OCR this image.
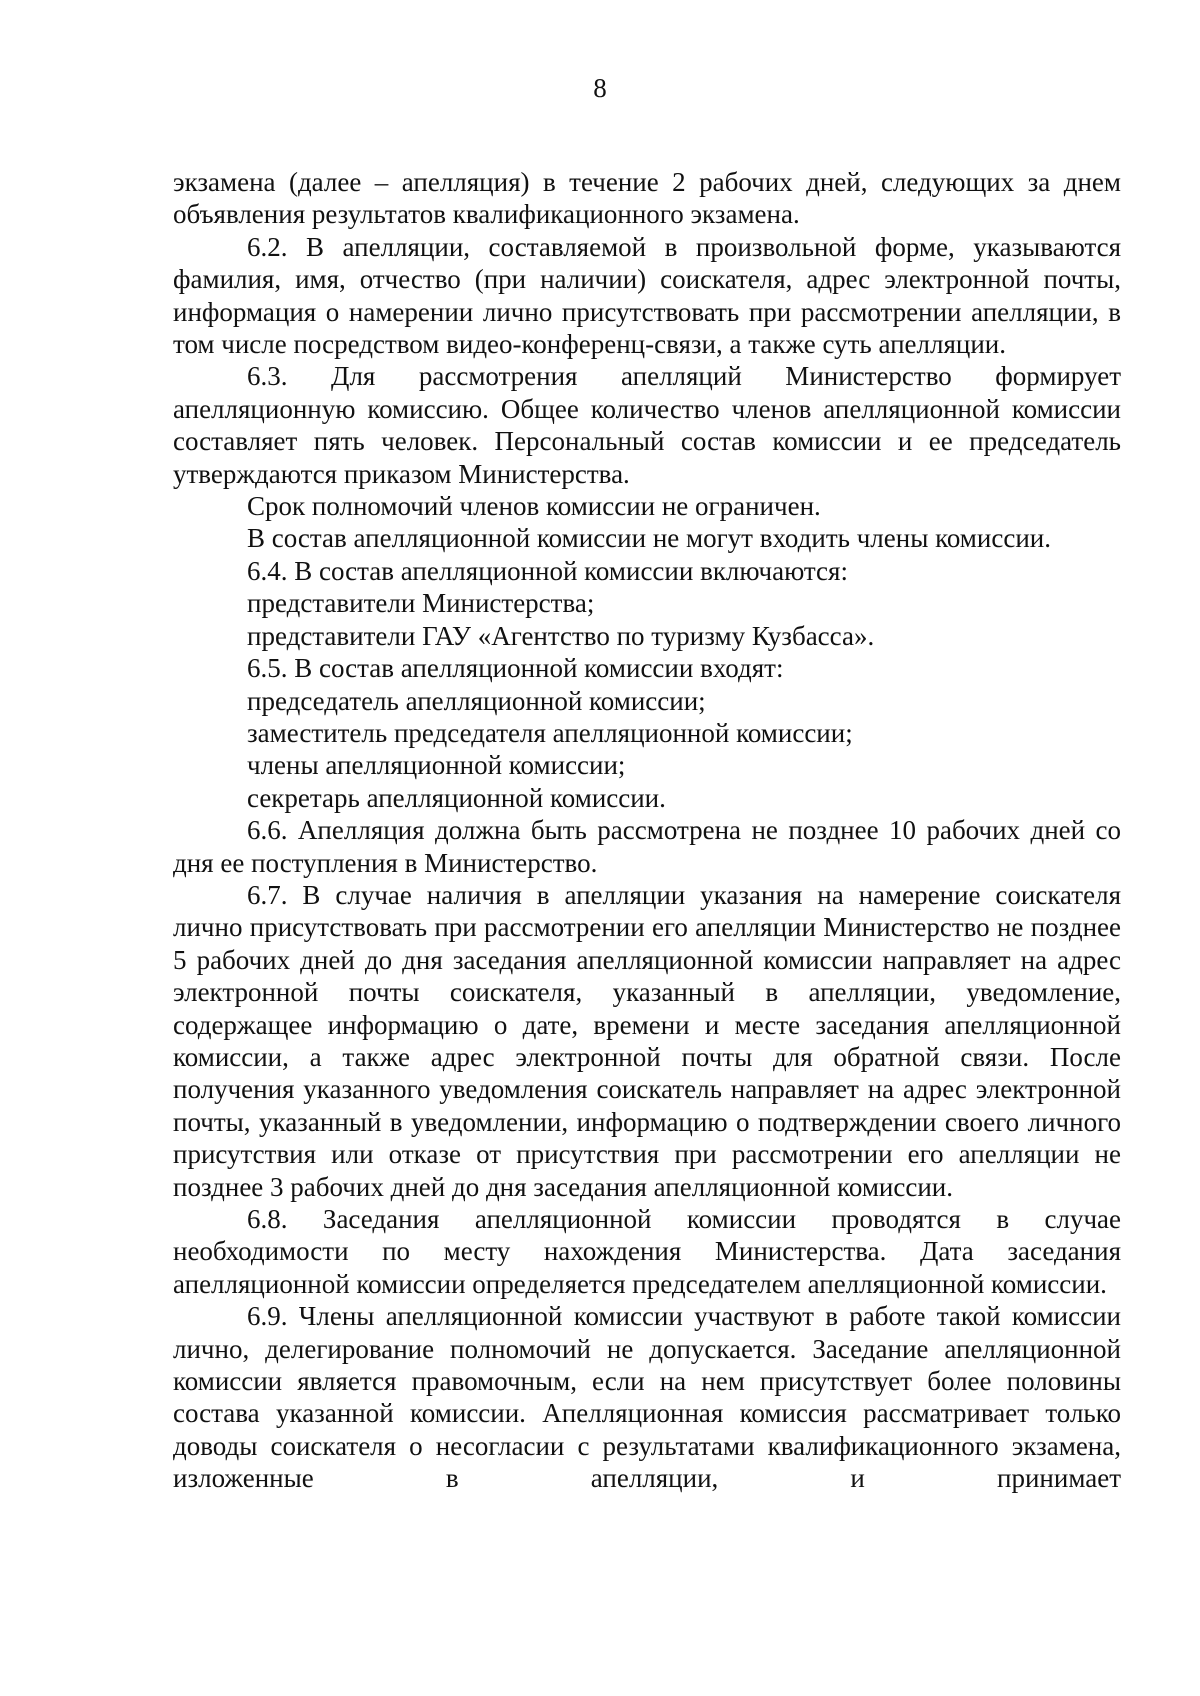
8

экзамена (далее – апелляция) в течение 2 рабочих дней, следующих за днем объявления результатов квалификационного экзамена.

6.2. В апелляции, составляемой в произвольной форме, указываются фамилия, имя, отчество (при наличии) соискателя, адрес электронной почты, информация о намерении лично присутствовать при рассмотрении апелляции, в том числе посредством видео-конференц-связи, а также суть апелляции.

6.3. Для рассмотрения апелляций Министерство формирует апелляционную комиссию. Общее количество членов апелляционной комиссии составляет пять человек. Персональный состав комиссии и ее председатель утверждаются приказом Министерства.

Срок полномочий членов комиссии не ограничен.

В состав апелляционной комиссии не могут входить члены комиссии.

6.4. В состав апелляционной комиссии включаются:

представители Министерства;

представители ГАУ «Агентство по туризму Кузбасса».

6.5. В состав апелляционной комиссии входят:

председатель апелляционной комиссии;

заместитель председателя апелляционной комиссии;

члены апелляционной комиссии;

секретарь апелляционной комиссии.

6.6. Апелляция должна быть рассмотрена не позднее 10 рабочих дней со дня ее поступления в Министерство.

6.7. В случае наличия в апелляции указания на намерение соискателя лично присутствовать при рассмотрении его апелляции Министерство не позднее 5 рабочих дней до дня заседания апелляционной комиссии направляет на адрес электронной почты соискателя, указанный в апелляции, уведомление, содержащее информацию о дате, времени и месте заседания апелляционной комиссии, а также адрес электронной почты для обратной связи. После получения указанного уведомления соискатель направляет на адрес электронной почты, указанный в уведомлении, информацию о подтверждении своего личного присутствия или отказе от присутствия при рассмотрении его апелляции не позднее 3 рабочих дней до дня заседания апелляционной комиссии.

6.8. Заседания апелляционной комиссии проводятся в случае необходимости по месту нахождения Министерства. Дата заседания апелляционной комиссии определяется председателем апелляционной комиссии.

6.9. Члены апелляционной комиссии участвуют в работе такой комиссии лично, делегирование полномочий не допускается. Заседание апелляционной комиссии является правомочным, если на нем присутствует более половины состава указанной комиссии. Апелляционная комиссия рассматривает только доводы соискателя о несогласии с результатами квалификационного экзамена, изложенные в апелляции, и принимает
